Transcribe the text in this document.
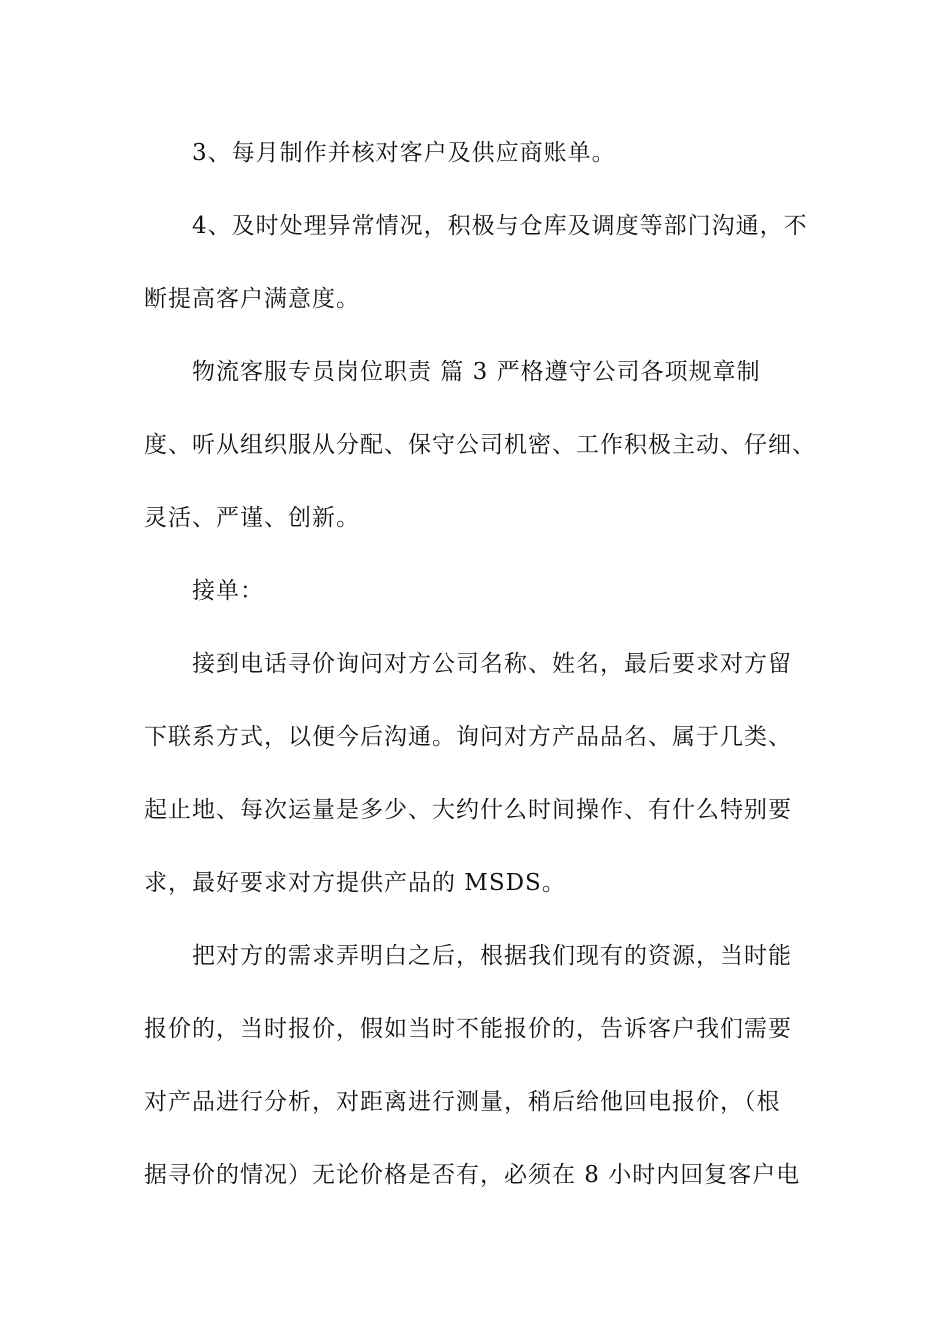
3、每月制作并核对客户及供应商账单。
4、及时处理异常情况，积极与仓库及调度等部门沟通，不
断提高客户满意度。
物流客服专员岗位职责 篇 3 严格遵守公司各项规章制
度、听从组织服从分配、保守公司机密、工作积极主动、仔细、
灵活、严谨、创新。
接单：
接到电话寻价询问对方公司名称、姓名，最后要求对方留
下联系方式，以便今后沟通。询问对方产品品名、属于几类、
起止地、每次运量是多少、大约什么时间操作、有什么特别要
求，最好要求对方提供产品的 MSDS。
把对方的需求弄明白之后，根据我们现有的资源，当时能
报价的，当时报价，假如当时不能报价的，告诉客户我们需要
对产品进行分析，对距离进行测量，稍后给他回电报价，（根
据寻价的情况）无论价格是否有，必须在 8 小时内回复客户电
